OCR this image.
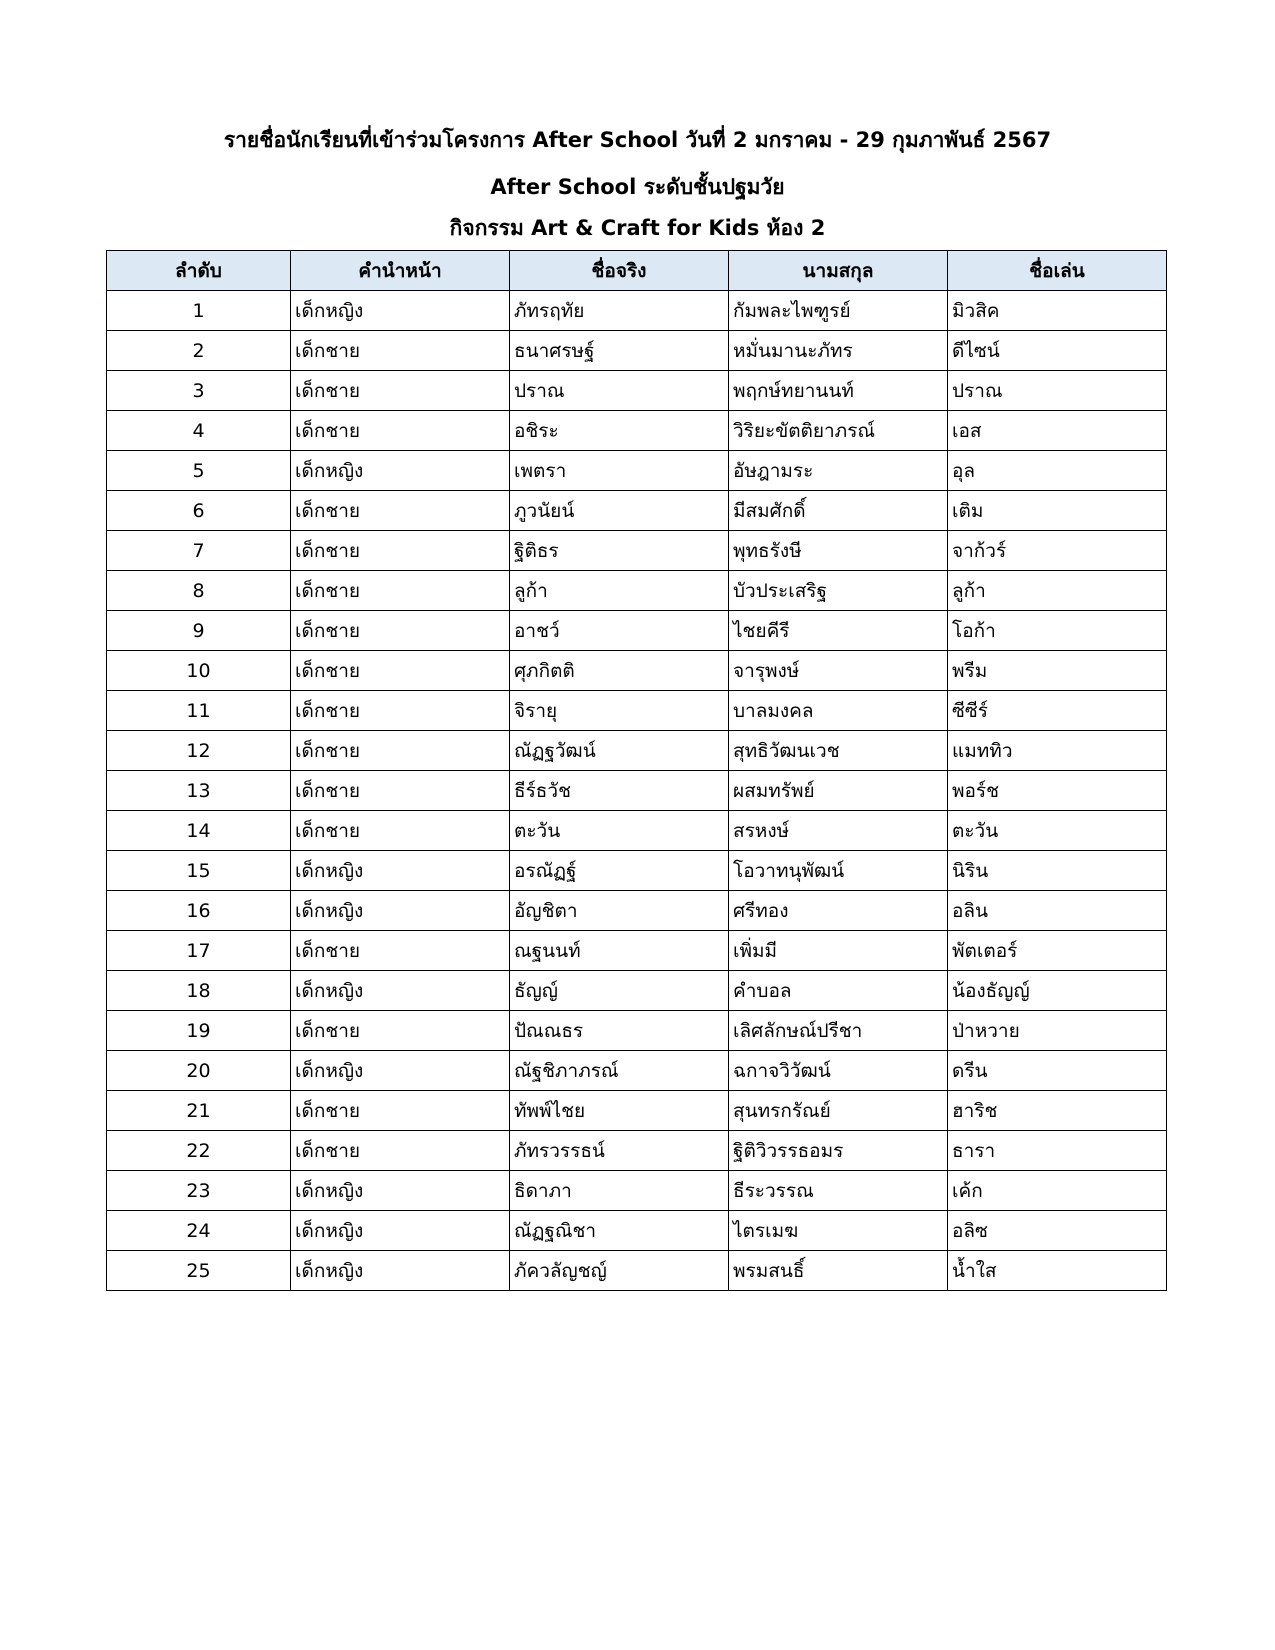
รายชื่อนักเรียนที่เข้าร่วมโครงการ After School วันที่ 2 มกราคม - 29 กุมภาพันธ์ 2567
After School ระดับชั้นปฐมวัย
กิจกรรม Art & Craft for Kids ห้อง 2
ลำดับ	คำนำหน้า	ชื่อจริง	นามสกุล	ชื่อเล่น
1	เด็กหญิง	ภัทรฤทัย	กัมพละไพฑูรย์	มิวสิค
2	เด็กชาย	ธนาศรษฐ์	หมั่นมานะภัทร	ดีไซน์
3	เด็กชาย	ปราณ	พฤกษ์ทยานนท์	ปราณ
4	เด็กชาย	อชิระ	วิริยะขัตติยาภรณ์	เอส
5	เด็กหญิง	เพตรา	อัษฎามระ	อุล
6	เด็กชาย	ภูวนัยน์	มีสมศักดิ์	เติม
7	เด็กชาย	ฐิติธร	พุทธรังษี	จาก้วร์
8	เด็กชาย	ลูก้า	บัวประเสริฐ	ลูก้า
9	เด็กชาย	อาชว์	ไชยคีรี	โอก้า
10	เด็กชาย	ศุภกิตติ	จารุพงษ์	พรีม
11	เด็กชาย	จิรายุ	บาลมงคล	ซีซีร์
12	เด็กชาย	ณัฏฐวัฒน์	สุทธิวัฒนเวช	แมททิว
13	เด็กชาย	ธีร์ธวัช	ผสมทรัพย์	พอร์ช
14	เด็กชาย	ตะวัน	สรหงษ์	ตะวัน
15	เด็กหญิง	อรณัฏฐ์	โอวาทนุพัฒน์	นิริน
16	เด็กหญิง	อัญชิตา	ศรีทอง	อลิน
17	เด็กชาย	ณฐนนท์	เพิ่มมี	พัตเตอร์
18	เด็กหญิง	ธัญญ์	คำบอล	น้องธัญญ์
19	เด็กชาย	ปัณณธร	เลิศลักษณ์ปรีชา	ป่าหวาย
20	เด็กหญิง	ณัฐชิภาภรณ์	ฉกาจวิวัฒน์	ดรีน
21	เด็กชาย	ทัพพ์ไชย	สุนทรกรัณย์	ฮาริช
22	เด็กชาย	ภัทรวรรธน์	ฐิติวิวรรธอมร	ธารา
23	เด็กหญิง	ธิดาภา	ธีระวรรณ	เค้ก
24	เด็กหญิง	ณัฏฐณิชา	ไตรเมฆ	อลิซ
25	เด็กหญิง	ภัควลัญชญ์	พรมสนธิ์	น้ำใส
